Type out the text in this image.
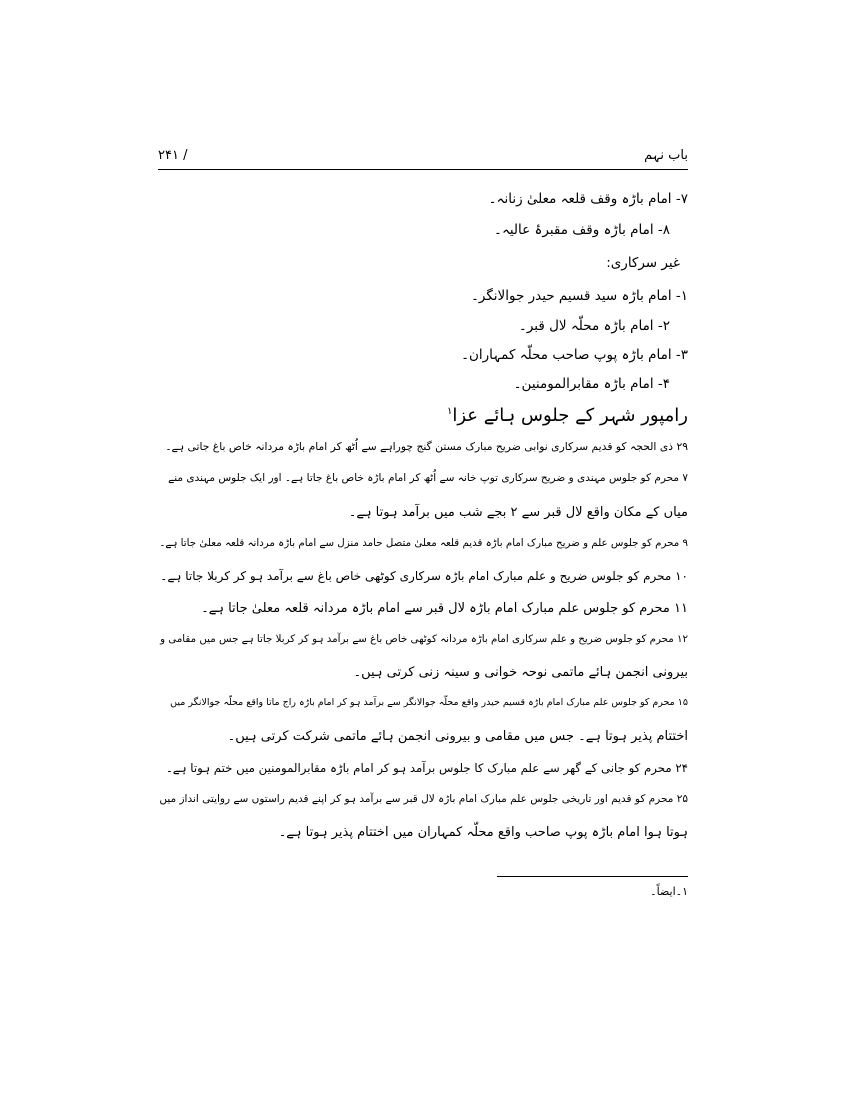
باب نہم
۲۴۱ /
۷- امام باڑہ وقف قلعہ معلیٰ زنانہ۔
۸- امام باڑہ وقف مقبرۂ عالیہ۔
غیر سرکاری:
۱- امام باڑہ سید قسیم حیدر جوالانگر۔
۲- امام باڑہ محلّہ لال قبر۔
۳- امام باڑہ پوپ صاحب محلّہ کمہاران۔
۴- امام باڑہ مقابرالمومنین۔
رامپور شہر کے جلوس ہائے عزا$^۱$
۲۹ ذی الحجہ کو قدیم سرکاری نوابی ضریح مبارک مستن گنج چوراہے سے اُٹھ کر امام باڑہ مردانہ خاص باغ جاتی ہے۔
۷ محرم کو جلوس مہندی و ضریح سرکاری توپ خانہ سے اُٹھ کر امام باڑہ خاص باغ جاتا ہے۔ اور ایک جلوس مہندی منے
میاں کے مکان واقع لال قبر سے ۲ بجے شب میں برآمد ہوتا ہے۔
۹ محرم کو جلوس علم و ضریح مبارک امام باڑہ قدیم قلعہ معلیٰ متصل حامد منزل سے امام باڑہ مردانہ قلعہ معلیٰ جاتا ہے۔
۱۰ محرم کو جلوس ضریح و علم مبارک امام باڑہ سرکاری کوٹھی خاص باغ سے برآمد ہو کر کربلا جاتا ہے۔
۱۱ محرم کو جلوس علم مبارک امام باڑہ لال قبر سے امام باڑہ مردانہ قلعہ معلیٰ جاتا ہے۔
۱۲ محرم کو جلوس ضریح و علم سرکاری امام باڑہ مردانہ کوٹھی خاص باغ سے برآمد ہو کر کربلا جاتا ہے جس میں مقامی و
بیرونی انجمن ہائے ماتمی نوحہ خوانی و سینہ زنی کرتی ہیں۔
۱۵ محرم کو جلوس علم مبارک امام باڑہ قسیم حیدر واقع محلّہ جوالانگر سے برآمد ہو کر امام باڑہ راج ماتا واقع محلّہ جوالانگر میں
اختتام پذیر ہوتا ہے۔ جس میں مقامی و بیرونی انجمن ہائے ماتمی شرکت کرتی ہیں۔
۲۴ محرم کو جانی کے گھر سے علم مبارک کا جلوس برآمد ہو کر امام باڑہ مقابرالمومنین میں ختم ہوتا ہے۔
۲۵ محرم کو قدیم اور تاریخی جلوس علم مبارک امام باڑہ لال قبر سے برآمد ہو کر اپنے قدیم راستوں سے روایتی انداز میں
ہوتا ہوا امام باڑہ پوپ صاحب واقع محلّہ کمہاران میں اختتام پذیر ہوتا ہے۔
۱۔ایضاً۔
